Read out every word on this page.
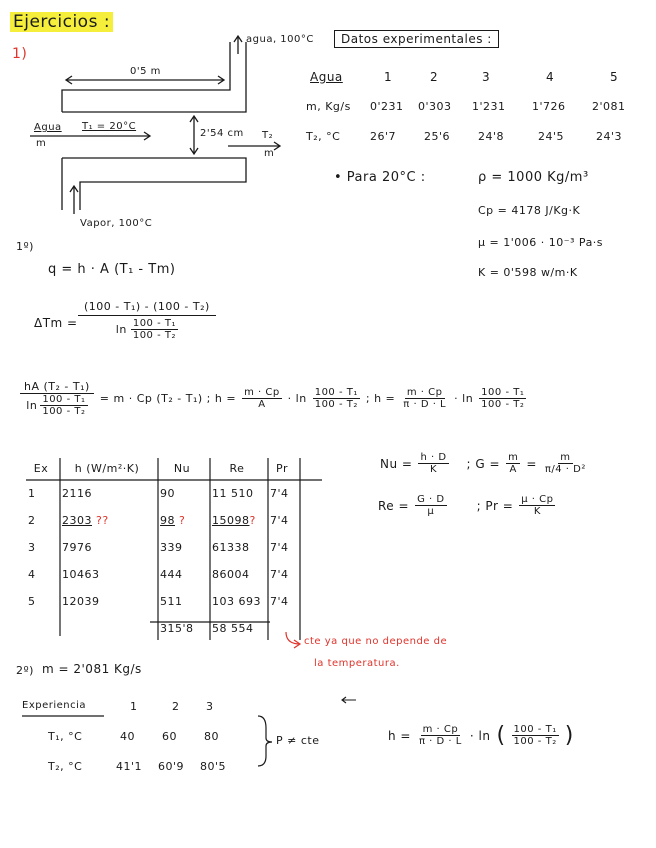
Ejercicios :
1)
agua, 100°C
0'5 m
Agua T₁ = 20°C
m
2'54 cm T₂
m
Vapor, 100°C
Datos experimentales :
Agua	1	2	3	4	5
m, Kg/s 0'231 0'303 1'231 1'726 2'081
T₂, °C	26'7	25'6	24'8	24'5	24'3
• Para 20°C :	ρ = 1000 Kg/m³
Cp = 4178 J/Kg·K
μ = 1'006 · 10⁻³ Pa·s
K = 0'598 w/m·K
1º)
q = h · A (T₁ - Tm)
ΔTm =
(100 - T₁) - (100 - T₂)
$\ln \frac{\text{100 - T₁}}{\text{100 - T₂}}$
$\frac{\text{hA (T₂ - T₁)}}{\ln \frac{\text{100 - T₁}}{\text{100 - T₂}}} = m \cdot Cp$ (T₂ - T₁) ; $h = \frac{m \cdot Cp}{A} \cdot \ln \frac{\text{100 - T₁}}{\text{100 - T₂}}$ ; $h = \frac{m \cdot Cp}{\pi \cdot D \cdot L} \cdot \ln \frac{\text{100 - T₁}}{\text{100 - T₂}}$
Ex	h (W/m²·K)	Nu	Re	Pr
1	2116	90	11 510	7'4
2	2303 ??	98 ?	15098?	7'4
3	7976	339	61338	7'4
4	10463	444	86004	7'4
5	12039	511	103 693	7'4
		315'8	58 554	
$Nu = \frac{h \cdot D}{K}$ ; $G = \frac{m}{A} = \frac{m}{\text{π/4 · D²}}$
$Re = \frac{G \cdot D}{\mu}$	; $Pr = \frac{\mu \cdot Cp}{K}$
cte ya que no depende de
la temperatura.
2º) m = 2'081 Kg/s
Experiencia	1	2 3
T₁, °C	40 60 80
T₂, °C	41'1 60'9 80'5
P ≠ cte	$h = \frac{m \cdot Cp}{\pi \cdot D \cdot L} \cdot \ln$ ( $\frac{\text{100 - T₁}}{\text{100 - T₂}}$ )
